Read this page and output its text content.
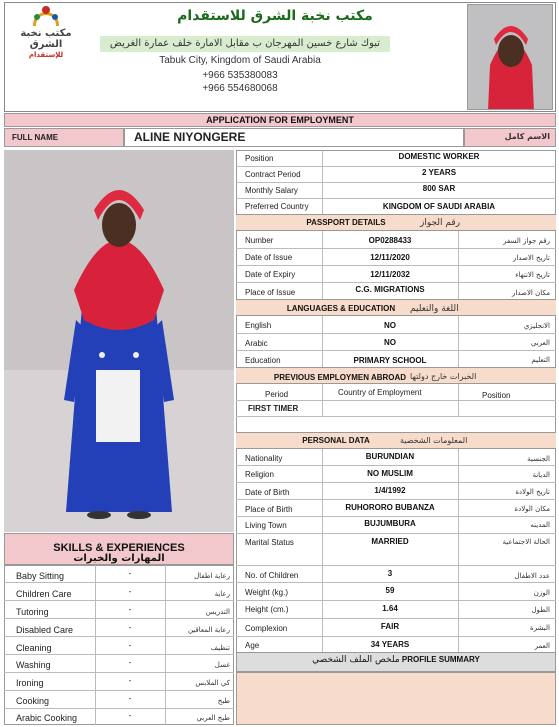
مكتب نخبة الشرق
للإستقدام
مكتب نخبة الشرق للاستقدام
تبوك شارع خسين المهرجان ب مقابل الامارة خلف عمارة الغريض
Tabuk City, Kingdom of Saudi Arabia
+966 535380083
+966 554680068
APPLICATION FOR EMPLOYMENT
FULL NAME	ALINE NIYONGERE	الاسم كامل
Position	DOMESTIC WORKER
Contract Period	2 YEARS
Monthly Salary	800 SAR
Preferred Country	KINGDOM OF SAUDI ARABIA
PASSPORT DETAILS	رقم الجواز
Number	OP0288433	رقم جواز السفر
Date of Issue	12/11/2020	تاريخ الاصدار
Date of Expiry	12/11/2032	تاريخ الانتهاء
Place of Issue	C.G. MIGRATIONS	مكان الاصدار
LANGUAGES & EDUCATION	اللغة والتعليم
English	NO	الانجليزي
Arabic	NO	العربي
Education	PRIMARY SCHOOL	التعليم
PREVIOUS EMPLOYMEN ABROAD الخبرات خارج دولتها
Period	Country of Employment	Position
FIRST TIMER
PERSONAL DATA	المعلومات الشخصية
Nationality	BURUNDIAN	الجنسية
Religion	NO MUSLIM	الديانة
Date of Birth	1/4/1992	تاريخ الولادة
Place of Birth	RUHORORO BUBANZA	مكان الولادة
Living Town	BUJUMBURA	المدينه
Marital Status	MARRIED	الحالة الاجتماعية
No. of Children	3	عدد الاطفال
Weight (kg.)	59	الوزن
Height (cm.)	1.64	الطول
Complexion	FAIR	البشرة
Age	34 YEARS	العمر
ملخص الملف الشخصي PROFILE SUMMARY
SKILLS & EXPERIENCES
المهارات والخبرات
Baby Sitting	-	رعاية اطفال
Children Care	-	رعاية
Tutoring	-	التدريس
Disabled Care	-	رعاية المعاقين
Cleaning	-	تنظيف
Washing	-	غسل
Ironing	-	كي الملابس
Cooking	-	طبخ
Arabic Cooking	-	طبخ العربي
